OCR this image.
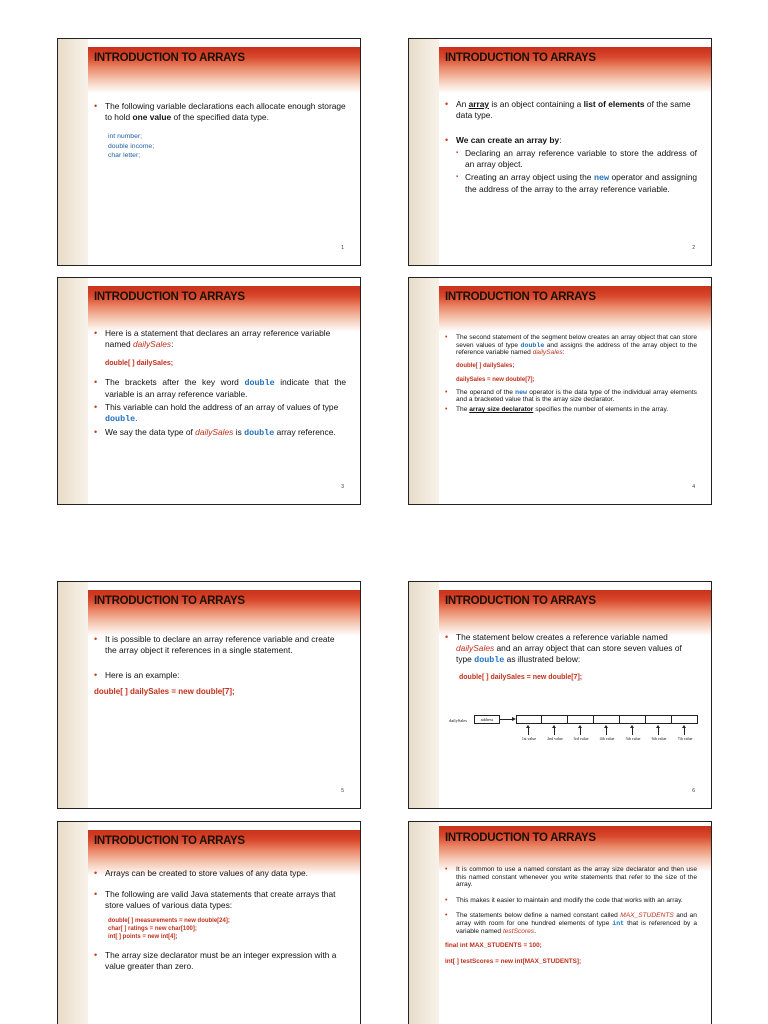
INTRODUCTION TO ARRAYS
• The following variable declarations each allocate enough storage to hold one value of the specified data type.
int number;
double income;
char letter;
1
INTRODUCTION TO ARRAYS
• An array is an object containing a list of elements of the same data type.
• We can create an array by:
▪ Declaring an array reference variable to store the address of an array object.
▪ Creating an array object using the new operator and assigning the address of the array to the array reference variable.
2
INTRODUCTION TO ARRAYS
• Here is a statement that declares an array reference variable named dailySales:
double[ ] dailySales;
• The brackets after the key word double indicate that the variable is an array reference variable.
• This variable can hold the address of an array of values of type double.
• We say the data type of dailySales is double array reference.
3
INTRODUCTION TO ARRAYS
• The second statement of the segment below creates an array object that can store seven values of type double and assigns the address of the array object to the reference variable named dailySales:
double[ ] dailySales;
dailySales = new double[7];
• The operand of the new operator is the data type of the individual array elements and a bracketed value that is the array size declarator.
• The array size declarator specifies the number of elements in the array.
4
INTRODUCTION TO ARRAYS
• It is possible to declare an array reference variable and create the array object it references in a single statement.
• Here is an example:
double[ ] dailySales = new double[7];
5
INTRODUCTION TO ARRAYS
• The statement below creates a reference variable named dailySales and an array object that can store seven values of type double as illustrated below:
double[ ] dailySales = new double[7];
dailySales	address
1st value	2nd value	3rd value	4th value	5th value	6th value	7th value
6
INTRODUCTION TO ARRAYS
• Arrays can be created to store values of any data type.
• The following are valid Java statements that create arrays that store values of various data types:
double[ ] measurements = new double[24];
char[ ] ratings = new char[100];
int[ ] points = new int[4];
• The array size declarator must be an integer expression with a value greater than zero.
INTRODUCTION TO ARRAYS
• It is common to use a named constant as the array size declarator and then use this named constant whenever you write statements that refer to the size of the array.
• This makes it easier to maintain and modify the code that works with an array.
• The statements below define a named constant called MAX_STUDENTS and an array with room for one hundred elements of type int that is referenced by a variable named testScores.
final int MAX_STUDENTS = 100;
int[ ] testScores = new int[MAX_STUDENTS];
